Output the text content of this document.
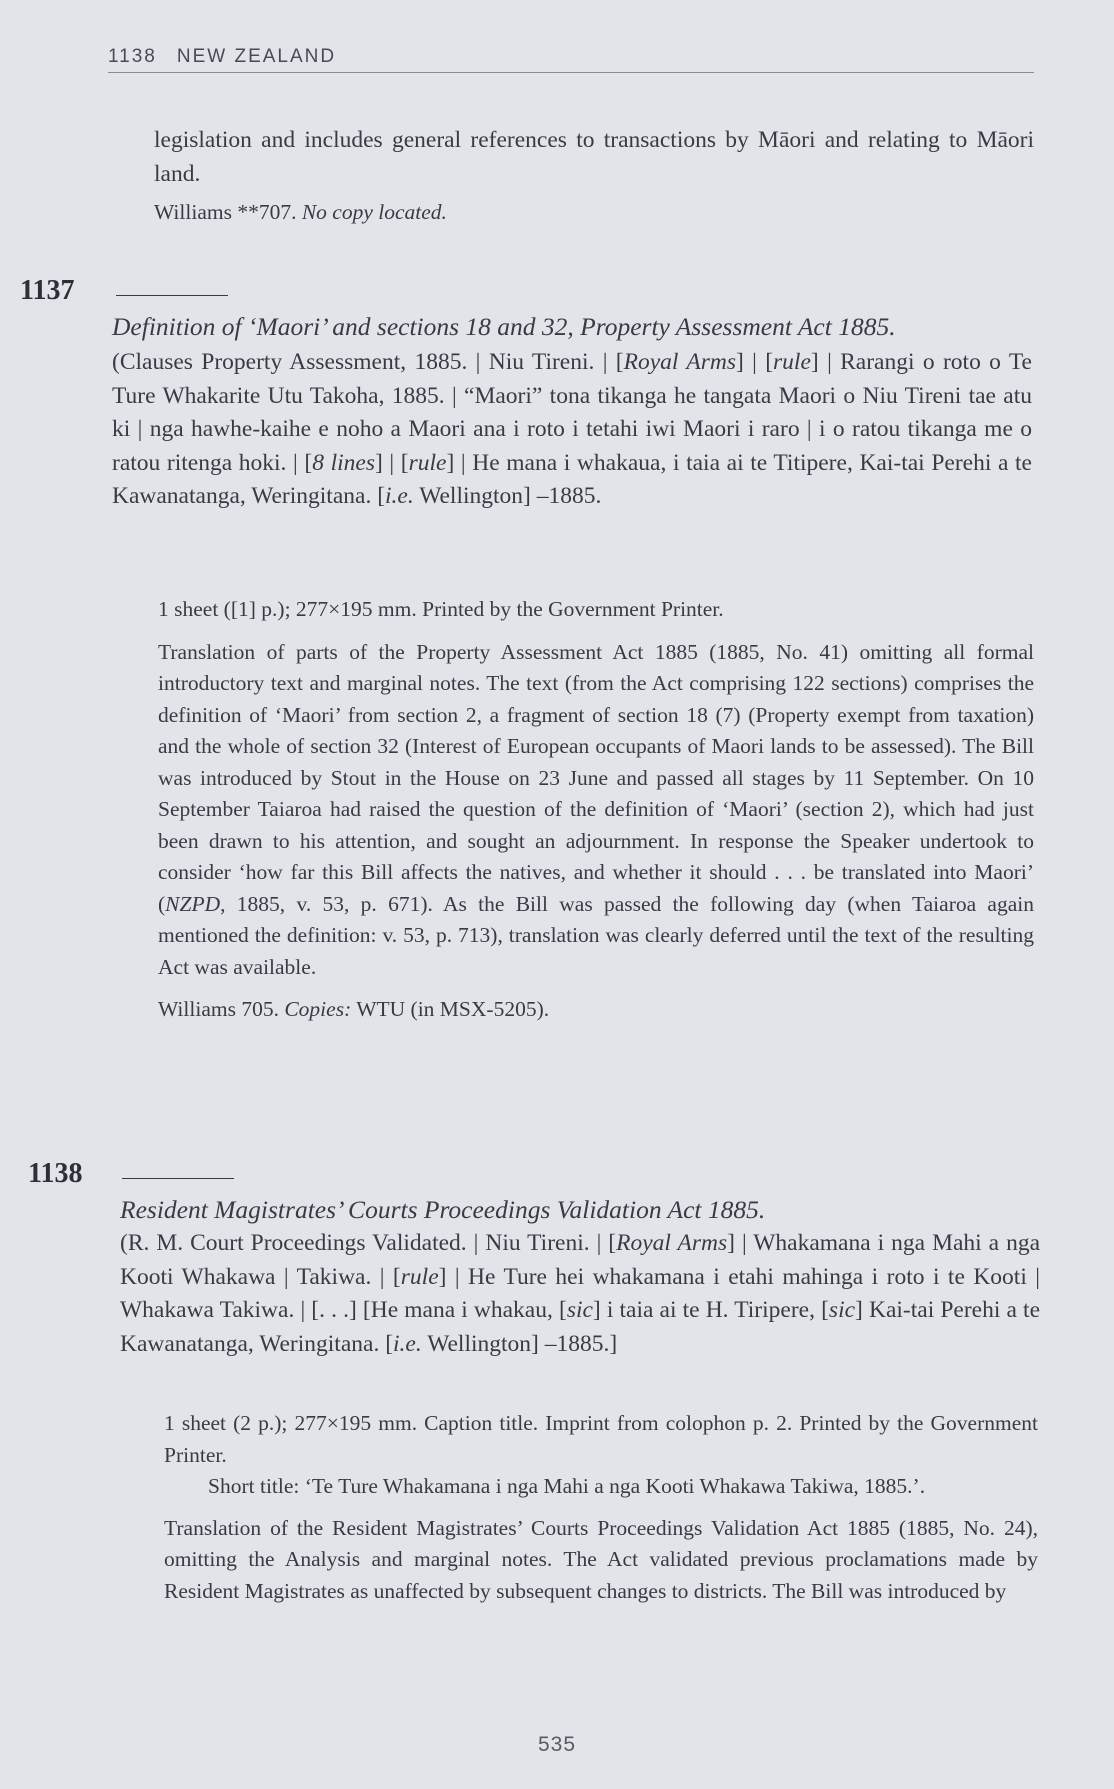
1138 NEW ZEALAND

legislation and includes general references to transactions by Māori and relating to Māori land.

Williams **707. No copy located.

1137

Definition of ‘Maori’ and sections 18 and 32, Property Assessment Act 1885.

(Clauses Property Assessment, 1885. | Niu Tireni. | [Royal Arms] | [rule] | Rarangi o roto o Te Ture Whakarite Utu Takoha, 1885. | “Maori” tona tikanga he tangata Maori o Niu Tireni tae atu ki | nga hawhe-kaihe e noho a Maori ana i roto i tetahi iwi Maori i raro | i o ratou tikanga me o ratou ritenga hoki. | [8 lines] | [rule] | He mana i whakaua, i taia ai te Titipere, Kai-tai Perehi a te Kawanatanga, Weringitana. [i.e. Wellington] –1885.

1 sheet ([1] p.); 277×195 mm. Printed by the Government Printer.

Translation of parts of the Property Assessment Act 1885 (1885, No. 41) omitting all formal introductory text and marginal notes. The text (from the Act comprising 122 sections) comprises the definition of ‘Maori’ from section 2, a fragment of section 18 (7) (Property exempt from taxation) and the whole of section 32 (Interest of European occupants of Maori lands to be assessed). The Bill was introduced by Stout in the House on 23 June and passed all stages by 11 September. On 10 September Taiaroa had raised the question of the definition of ‘Maori’ (section 2), which had just been drawn to his attention, and sought an adjournment. In response the Speaker undertook to consider ‘how far this Bill affects the natives, and whether it should . . . be translated into Maori’ (NZPD, 1885, v. 53, p. 671). As the Bill was passed the following day (when Taiaroa again mentioned the definition: v. 53, p. 713), translation was clearly deferred until the text of the resulting Act was available.

Williams 705. Copies: WTU (in MSX-5205).

1138

Resident Magistrates’ Courts Proceedings Validation Act 1885.

(R. M. Court Proceedings Validated. | Niu Tireni. | [Royal Arms] | Whakamana i nga Mahi a nga Kooti Whakawa | Takiwa. | [rule] | He Ture hei whakamana i etahi mahinga i roto i te Kooti | Whakawa Takiwa. | [. . .] [He mana i whakau, [sic] i taia ai te H. Tiripere, [sic] Kai-tai Perehi a te Kawanatanga, Weringitana. [i.e. Wellington] –1885.]

1 sheet (2 p.); 277×195 mm. Caption title. Imprint from colophon p. 2. Printed by the Government Printer.

Short title: ‘Te Ture Whakamana i nga Mahi a nga Kooti Whakawa Takiwa, 1885.’.

Translation of the Resident Magistrates’ Courts Proceedings Validation Act 1885 (1885, No. 24), omitting the Analysis and marginal notes. The Act validated previous proclamations made by Resident Magistrates as unaffected by subsequent changes to districts. The Bill was introduced by

535
